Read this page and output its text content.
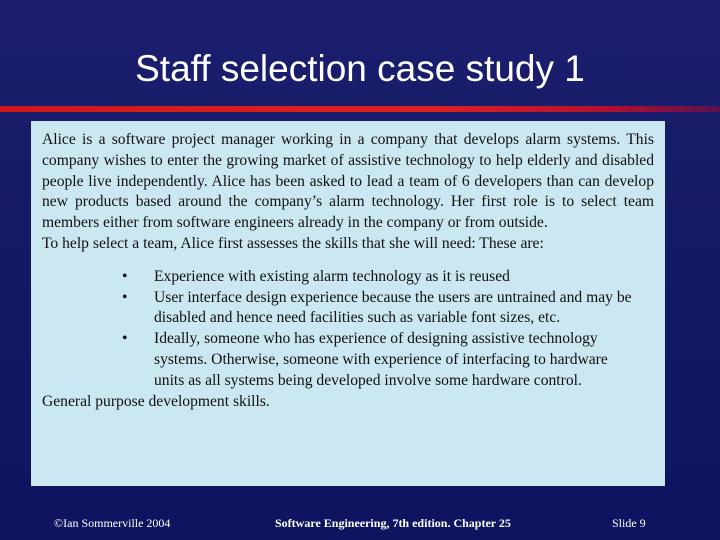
Staff selection case study 1

Alice is a software project manager working in a company that develops alarm systems. This company wishes to enter the growing market of assistive technology to help elderly and disabled people live independently. Alice has been asked to lead a team of 6 developers than can develop new products based around the company’s alarm technology. Her first role is to select team members either from software engineers already in the company or from outside.

To help select a team, Alice first assesses the skills that she will need: These are:

• Experience with existing alarm technology as it is reused
• User interface design experience because the users are untrained and may be disabled and hence need facilities such as variable font sizes, etc.
• Ideally, someone who has experience of designing assistive technology systems. Otherwise, someone with experience of interfacing to hardware units as all systems being developed involve some hardware control.

General purpose development skills.

©Ian Sommerville 2004	Software Engineering, 7th edition. Chapter 25	Slide 9
